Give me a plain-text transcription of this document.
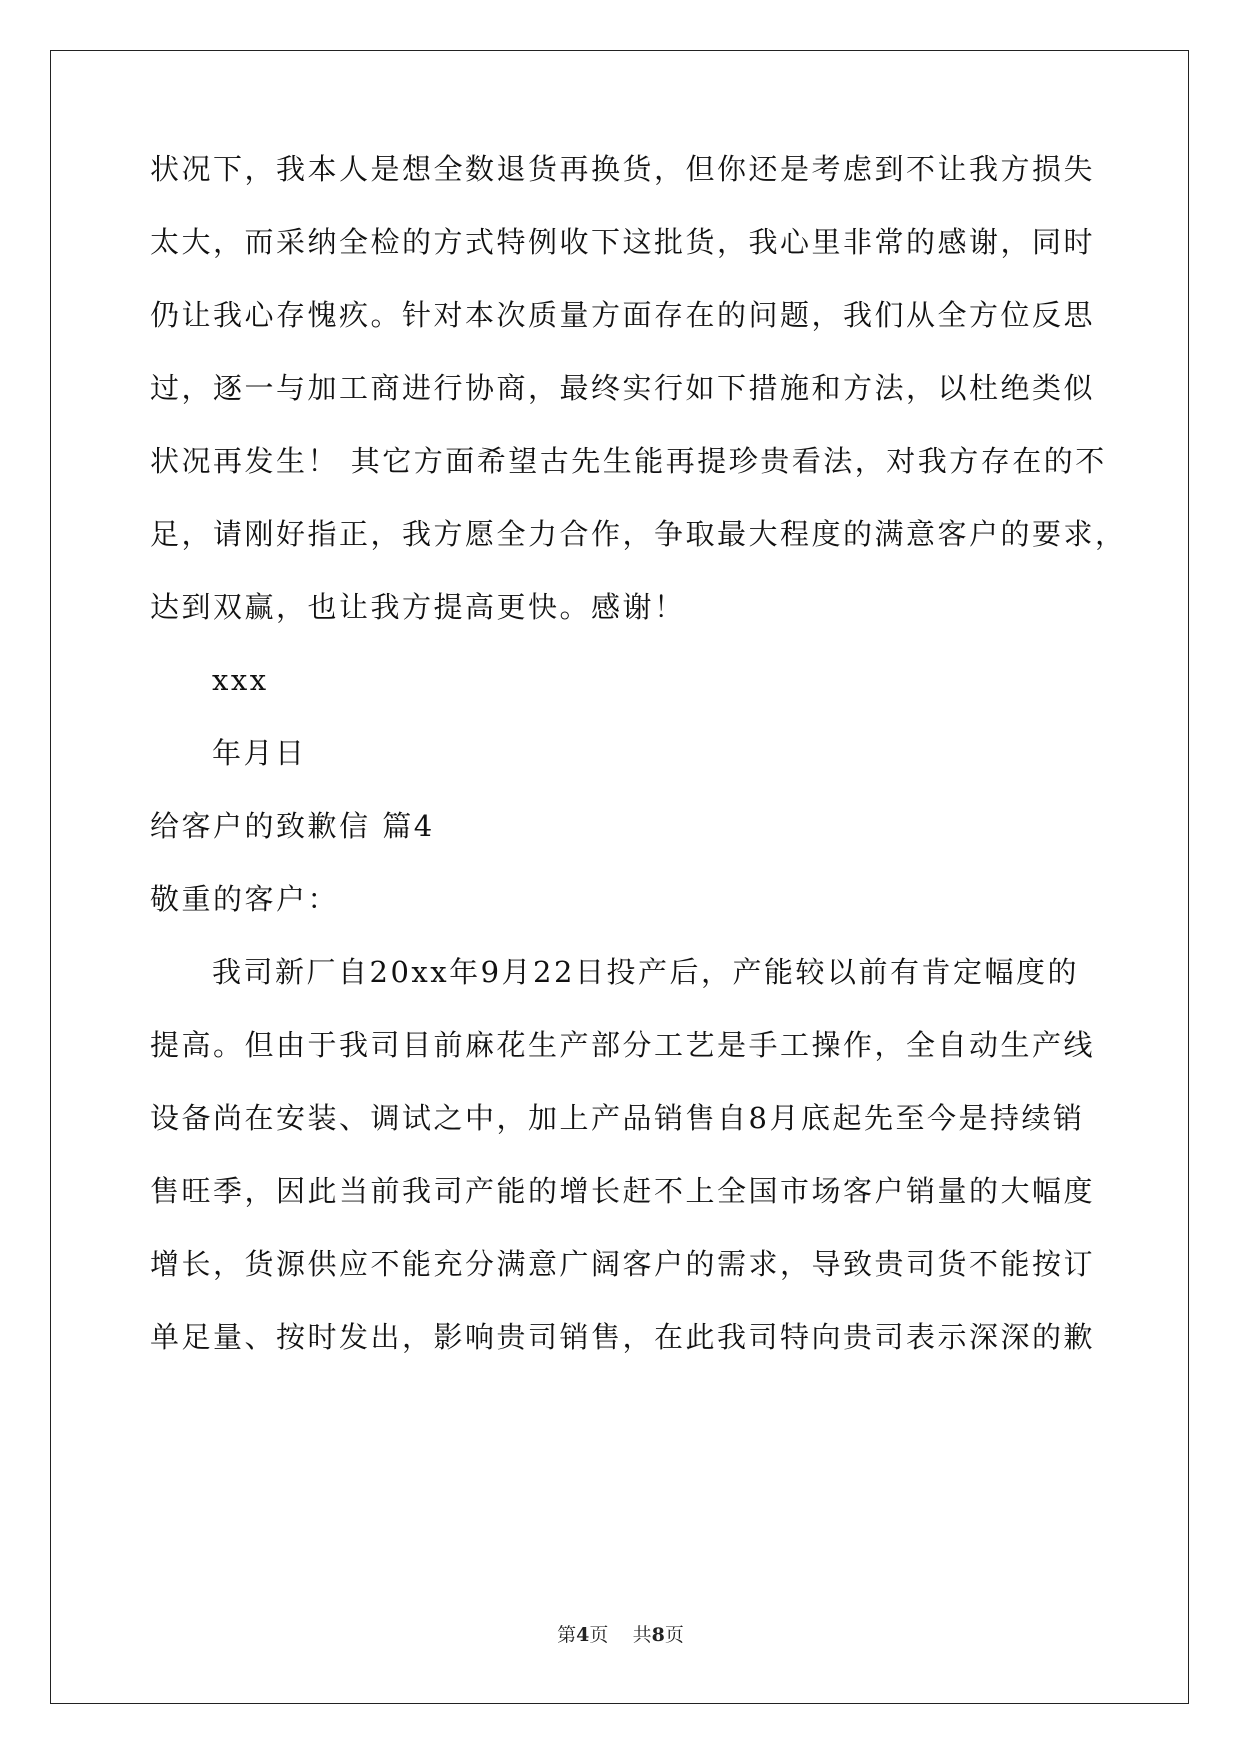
状况下，我本人是想全数退货再换货，但你还是考虑到不让我方损失
太大，而采纳全检的方式特例收下这批货，我心里非常的感谢，同时
仍让我心存愧疚。针对本次质量方面存在的问题，我们从全方位反思
过，逐一与加工商进行协商，最终实行如下措施和方法，以杜绝类似
状况再发生！ 其它方面希望古先生能再提珍贵看法，对我方存在的不
足，请刚好指正，我方愿全力合作，争取最大程度的满意客户的要求，
达到双赢，也让我方提高更快。感谢！
xxx
年月日
给客户的致歉信 篇4
敬重的客户：
我司新厂自20xx年9月22日投产后，产能较以前有肯定幅度的
提高。但由于我司目前麻花生产部分工艺是手工操作，全自动生产线
设备尚在安装、调试之中，加上产品销售自8月底起先至今是持续销
售旺季，因此当前我司产能的增长赶不上全国市场客户销量的大幅度
增长，货源供应不能充分满意广阔客户的需求，导致贵司货不能按订
单足量、按时发出，影响贵司销售，在此我司特向贵司表示深深的歉
第4页 共8页
